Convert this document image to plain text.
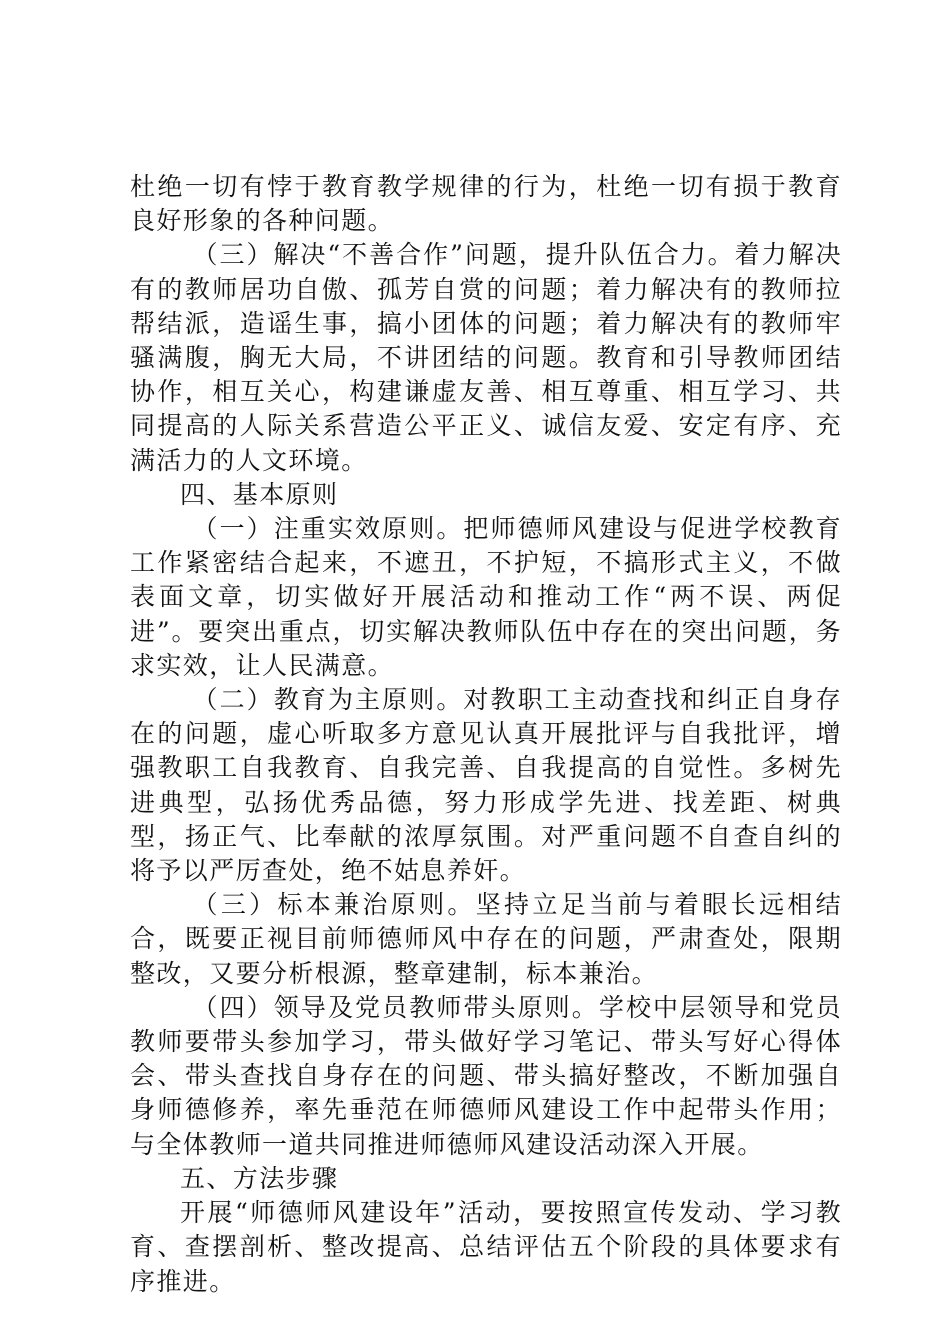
杜绝一切有悖于教育教学规律的行为，杜绝一切有损于教育良好形象的各种问题。

（三）解决“不善合作”问题，提升队伍合力。着力解决有的教师居功自傲、孤芳自赏的问题；着力解决有的教师拉帮结派，造谣生事，搞小团体的问题；着力解决有的教师牢骚满腹，胸无大局，不讲团结的问题。教育和引导教师团结协作，相互关心，构建谦虚友善、相互尊重、相互学习、共同提高的人际关系营造公平正义、诚信友爱、安定有序、充满活力的人文环境。

四、基本原则

（一）注重实效原则。把师德师风建设与促进学校教育工作紧密结合起来，不遮丑，不护短，不搞形式主义，不做表面文章，切实做好开展活动和推动工作“两不误、两促进”。要突出重点，切实解决教师队伍中存在的突出问题，务求实效，让人民满意。

（二）教育为主原则。对教职工主动查找和纠正自身存在的问题，虚心听取多方意见认真开展批评与自我批评，增强教职工自我教育、自我完善、自我提高的自觉性。多树先进典型，弘扬优秀品德，努力形成学先进、找差距、树典型，扬正气、比奉献的浓厚氛围。对严重问题不自查自纠的将予以严厉查处，绝不姑息养奸。

（三）标本兼治原则。坚持立足当前与着眼长远相结合，既要正视目前师德师风中存在的问题，严肃查处，限期整改，又要分析根源，整章建制，标本兼治。

（四）领导及党员教师带头原则。学校中层领导和党员教师要带头参加学习，带头做好学习笔记、带头写好心得体会、带头查找自身存在的问题、带头搞好整改，不断加强自身师德修养，率先垂范在师德师风建设工作中起带头作用；与全体教师一道共同推进师德师风建设活动深入开展。

五、方法步骤

开展“师德师风建设年”活动，要按照宣传发动、学习教育、查摆剖析、整改提高、总结评估五个阶段的具体要求有序推进。
